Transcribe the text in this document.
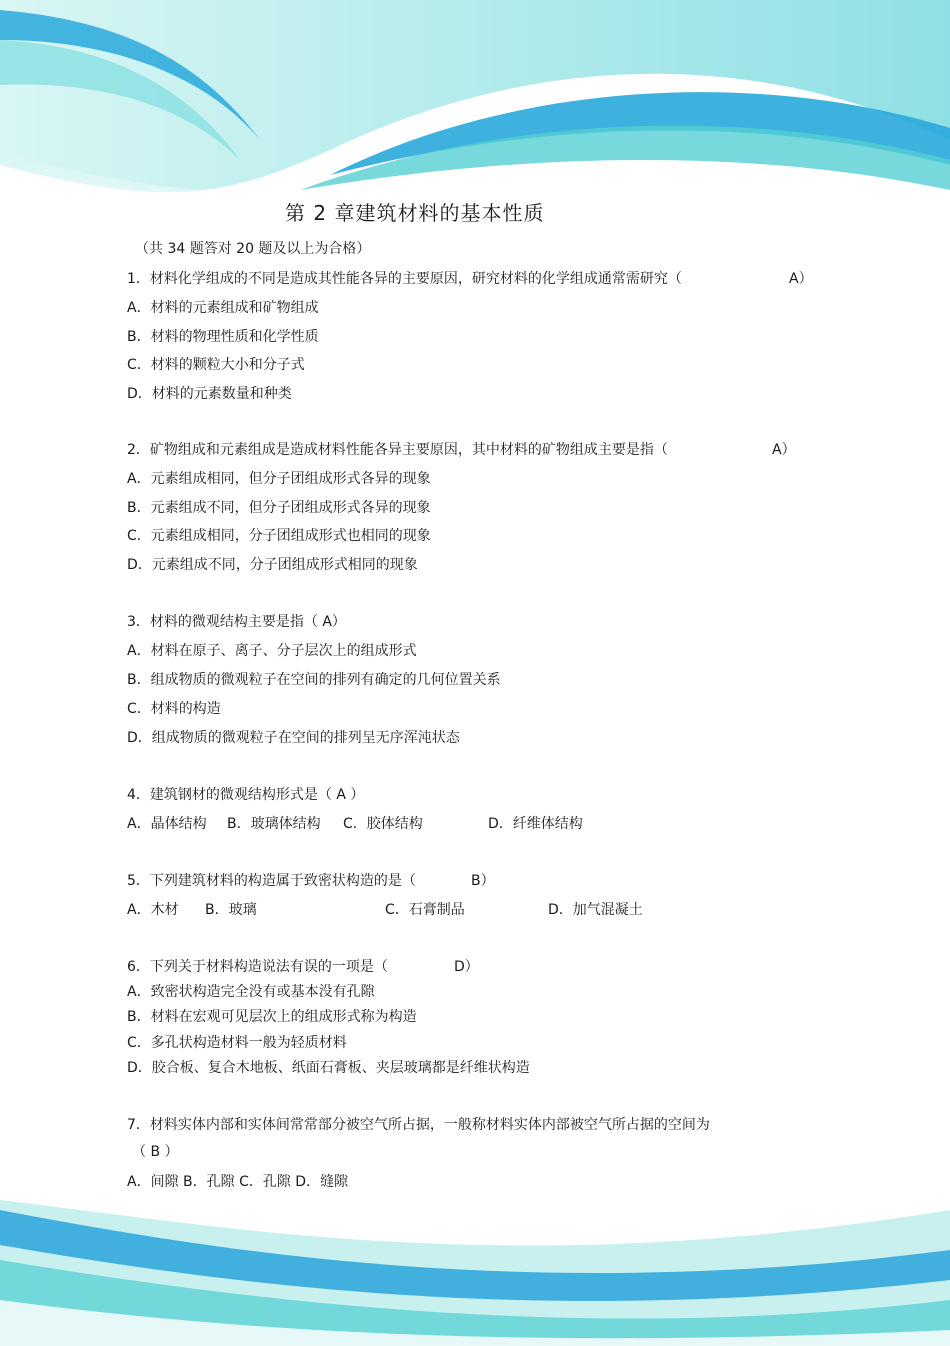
第 2 章建筑材料的基本性质
（共 34 题答对 20 题及以上为合格）
1．材料化学组成的不同是造成其性能各异的主要原因，研究材料的化学组成通常需研究（	A）
A．材料的元素组成和矿物组成
B．材料的物理性质和化学性质
C．材料的颗粒大小和分子式
D．材料的元素数量和种类
2．矿物组成和元素组成是造成材料性能各异主要原因，其中材料的矿物组成主要是指（	A）
A．元素组成相同，但分子团组成形式各异的现象
B．元素组成不同，但分子团组成形式各异的现象
C．元素组成相同，分子团组成形式也相同的现象
D．元素组成不同，分子团组成形式相同的现象
3．材料的微观结构主要是指（ A）
A．材料在原子、离子、分子层次上的组成形式
B．组成物质的微观粒子在空间的排列有确定的几何位置关系
C．材料的构造
D．组成物质的微观粒子在空间的排列呈无序浑沌状态
4．建筑钢材的微观结构形式是（ A ）
A．晶体结构 B．玻璃体结构 C．胶体结构	D．纤维体结构
5．下列建筑材料的构造属于致密状构造的是（	B）
A．木材 B．玻璃	C．石膏制品	D．加气混凝土
6．下列关于材料构造说法有误的一项是（	D）
A．致密状构造完全没有或基本没有孔隙
B．材料在宏观可见层次上的组成形式称为构造
C．多孔状构造材料一般为轻质材料
D．胶合板、复合木地板、纸面石膏板、夹层玻璃都是纤维状构造
7．材料实体内部和实体间常常部分被空气所占据，一般称材料实体内部被空气所占据的空间为
（ B ）
A．间隙 B．孔隙 C．孔隙 D．缝隙
